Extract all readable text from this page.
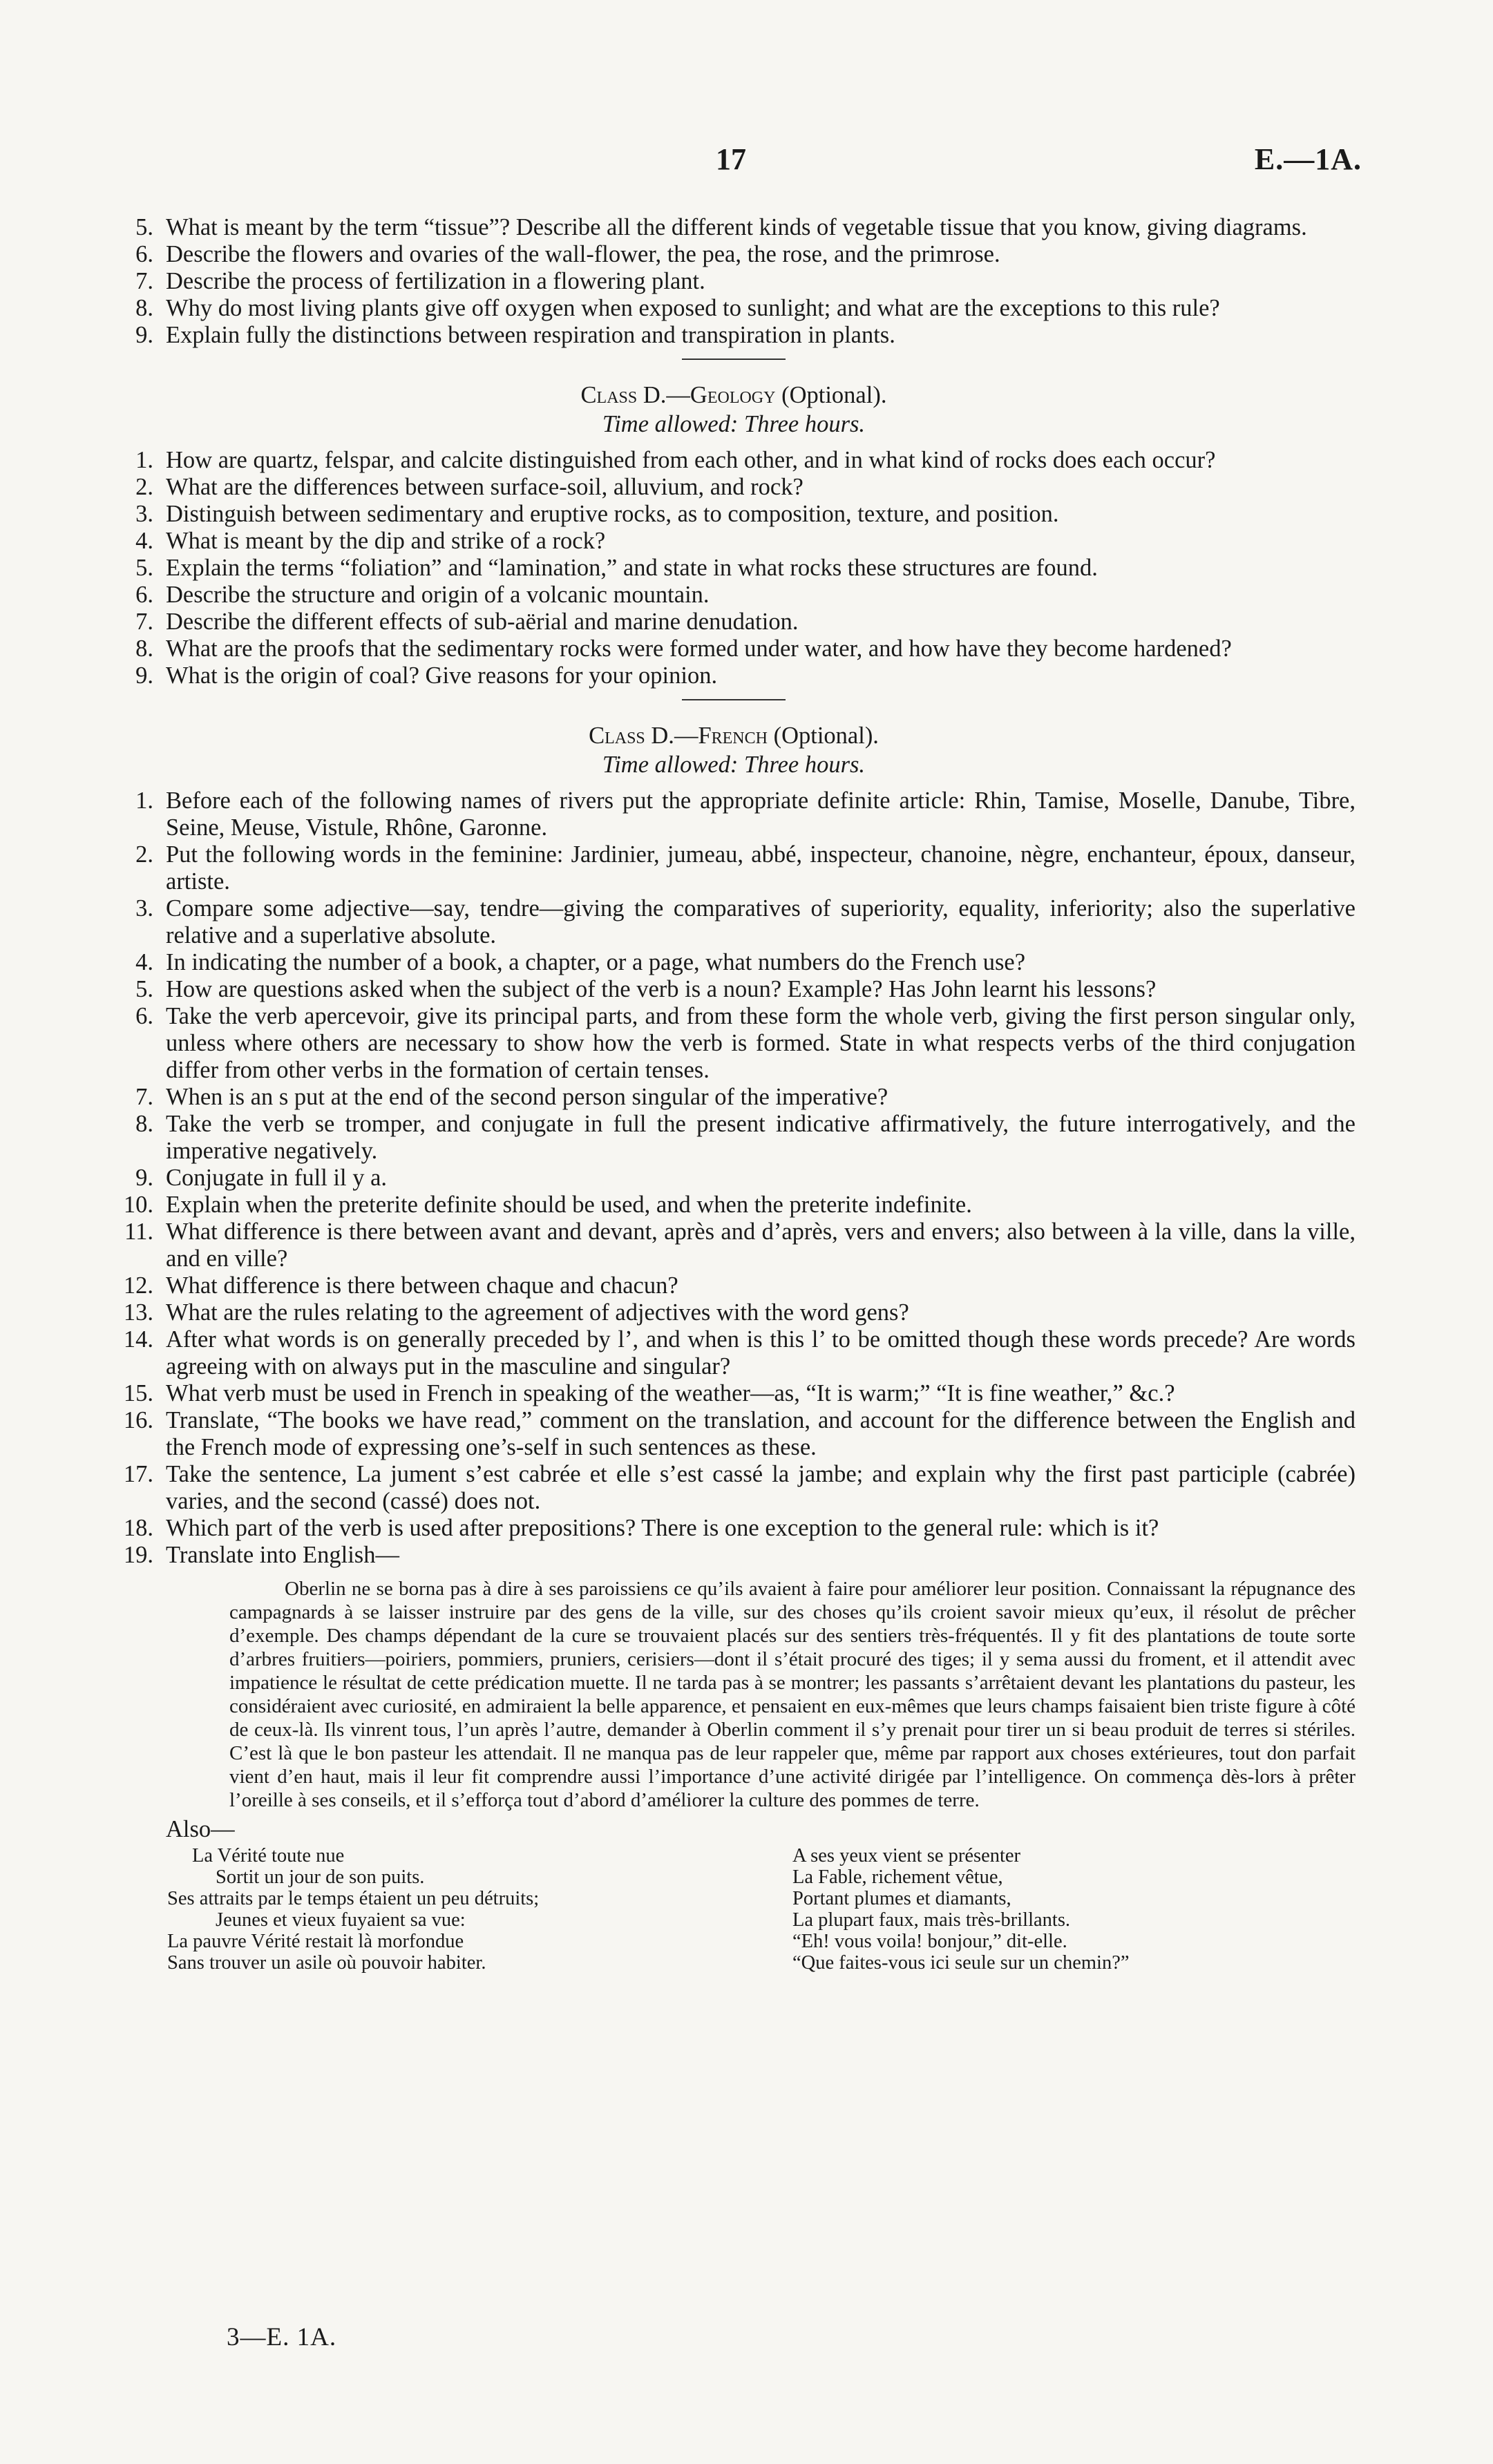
17	E.—1A.
5. What is meant by the term “tissue”? Describe all the different kinds of vegetable tissue that you know, giving diagrams.
6. Describe the flowers and ovaries of the wall-flower, the pea, the rose, and the primrose.
7. Describe the process of fertilization in a flowering plant.
8. Why do most living plants give off oxygen when exposed to sunlight; and what are the exceptions to this rule?
9. Explain fully the distinctions between respiration and transpiration in plants.
Class D.—Geology (Optional).
Time allowed: Three hours.
1. How are quartz, felspar, and calcite distinguished from each other, and in what kind of rocks does each occur?
2. What are the differences between surface-soil, alluvium, and rock?
3. Distinguish between sedimentary and eruptive rocks, as to composition, texture, and position.
4. What is meant by the dip and strike of a rock?
5. Explain the terms “foliation” and “lamination,” and state in what rocks these structures are found.
6. Describe the structure and origin of a volcanic mountain.
7. Describe the different effects of sub-aërial and marine denudation.
8. What are the proofs that the sedimentary rocks were formed under water, and how have they become hardened?
9. What is the origin of coal? Give reasons for your opinion.
Class D.—French (Optional).
Time allowed: Three hours.
1. Before each of the following names of rivers put the appropriate definite article: Rhin, Tamise, Moselle, Danube, Tibre, Seine, Meuse, Vistule, Rhône, Garonne.
2. Put the following words in the feminine: Jardinier, jumeau, abbé, inspecteur, chanoine, nègre, enchanteur, époux, danseur, artiste.
3. Compare some adjective—say, tendre—giving the comparatives of superiority, equality, inferiority; also the superlative relative and a superlative absolute.
4. In indicating the number of a book, a chapter, or a page, what numbers do the French use?
5. How are questions asked when the subject of the verb is a noun? Example? Has John learnt his lessons?
6. Take the verb apercevoir, give its principal parts, and from these form the whole verb, giving the first person singular only, unless where others are necessary to show how the verb is formed. State in what respects verbs of the third conjugation differ from other verbs in the formation of certain tenses.
7. When is an s put at the end of the second person singular of the imperative?
8. Take the verb se tromper, and conjugate in full the present indicative affirmatively, the future interrogatively, and the imperative negatively.
9. Conjugate in full il y a.
10. Explain when the preterite definite should be used, and when the preterite indefinite.
11. What difference is there between avant and devant, après and d’après, vers and envers; also between à la ville, dans la ville, and en ville?
12. What difference is there between chaque and chacun?
13. What are the rules relating to the agreement of adjectives with the word gens?
14. After what words is on generally preceded by l’, and when is this l’ to be omitted though these words precede? Are words agreeing with on always put in the masculine and singular?
15. What verb must be used in French in speaking of the weather—as, “It is warm;” “It is fine weather,” &c.?
16. Translate, “The books we have read,” comment on the translation, and account for the difference between the English and the French mode of expressing one’s-self in such sentences as these.
17. Take the sentence, La jument s’est cabrée et elle s’est cassé la jambe; and explain why the first past participle (cabrée) varies, and the second (cassé) does not.
18. Which part of the verb is used after prepositions? There is one exception to the general rule: which is it?
19. Translate into English—

Oberlin ne se borna pas à dire à ses paroissiens ce qu’ils avaient à faire pour améliorer leur position. Connaissant la répugnance des campagnards à se laisser instruire par des gens de la ville, sur des choses qu’ils croient savoir mieux qu’eux, il résolut de prêcher d’exemple. Des champs dépendant de la cure se trouvaient placés sur des sentiers très-fréquentés. Il y fit des plantations de toute sorte d’arbres fruitiers—poiriers, pommiers, pruniers, cerisiers—dont il s’était procuré des tiges; il y sema aussi du froment, et il attendit avec impatience le résultat de cette prédication muette. Il ne tarda pas à se montrer; les passants s’arrêtaient devant les plantations du pasteur, les considéraient avec curiosité, en admiraient la belle apparence, et pensaient en eux-mêmes que leurs champs faisaient bien triste figure à côté de ceux-là. Ils vinrent tous, l’un après l’autre, demander à Oberlin comment il s’y prenait pour tirer un si beau produit de terres si stériles. C’est là que le bon pasteur les attendait. Il ne manqua pas de leur rappeler que, même par rapport aux choses extérieures, tout don parfait vient d’en haut, mais il leur fit comprendre aussi l’importance d’une activité dirigée par l’intelligence. On commença dès-lors à prêter l’oreille à ses conseils, et il s’efforça tout d’abord d’améliorer la culture des pommes de terre.

Also—
La Vérité toute nue
Sortit un jour de son puits.
Ses attraits par le temps étaient un peu détruits;
Jeunes et vieux fuyaient sa vue:
La pauvre Vérité restait là morfondue
Sans trouver un asile où pouvoir habiter.
A ses yeux vient se présenter
La Fable, richement vêtue,
Portant plumes et diamants,
La plupart faux, mais très-brillants.
“Eh! vous voila! bonjour,” dit-elle.
“Que faites-vous ici seule sur un chemin?”
3—E. 1A.
